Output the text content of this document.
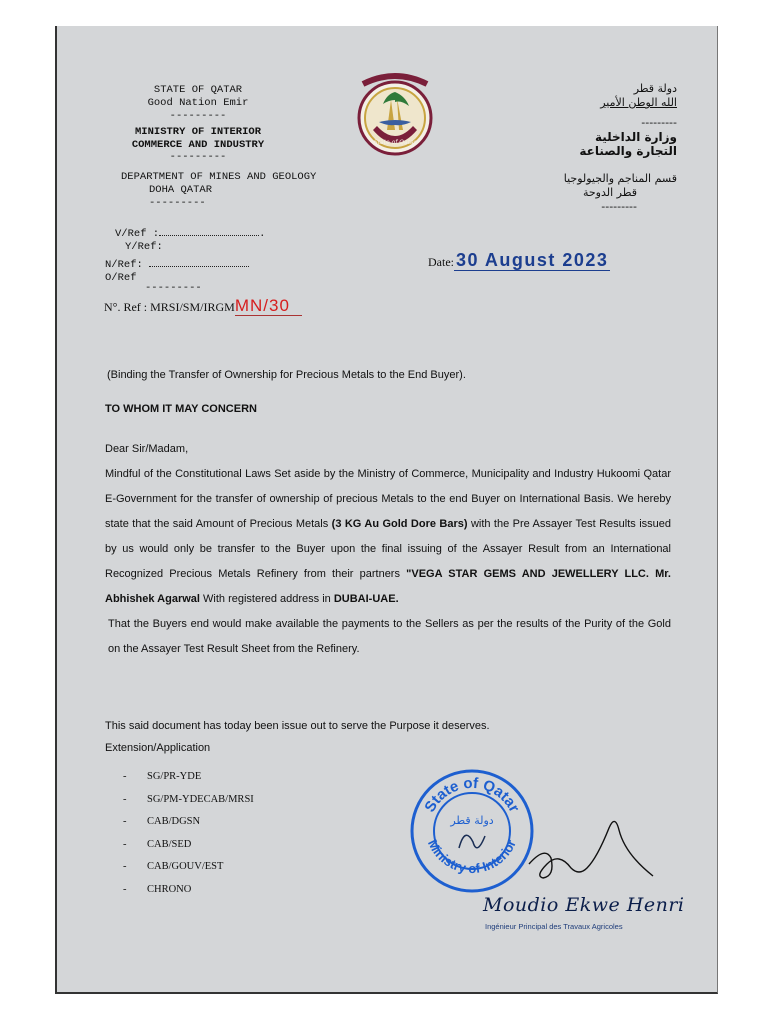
STATE OF QATAR
Good Nation Emir
---------
MINISTRY OF INTERIOR
COMMERCE AND INDUSTRY
---------
DEPARTMENT OF MINES AND GEOLOGY
DOHA QATAR
---------
State of Qatar
دولة قطر
الله الوطن الأمير
---------
وزارة الداخلية
التجارة والصناعة
قسم المناجم والجيولوجيا
قطر الدوحة
---------
V/Ref :	.
Y/Ref:
N/Ref:
O/Ref
---------
Date: 30 August 2023
N°. Ref : MRSI/SM/IRGMMN/30
(Binding the Transfer of Ownership for Precious Metals to the End Buyer).
TO WHOM IT MAY CONCERN
Dear Sir/Madam,
Mindful of the Constitutional Laws Set aside by the Ministry of Commerce, Municipality and Industry Hukoomi Qatar E-Government for the transfer of ownership of precious Metals to the end Buyer on International Basis. We hereby state that the said Amount of Precious Metals (3 KG Au Gold Dore Bars) with the Pre Assayer Test Results issued by us would only be transfer to the Buyer upon the final issuing of the Assayer Result from an International Recognized Precious Metals Refinery from their partners "VEGA STAR GEMS AND JEWELLERY LLC. Mr. Abhishek Agarwal With registered address in DUBAI-UAE.
That the Buyers end would make available the payments to the Sellers as per the results of the Purity of the Gold on the Assayer Test Result Sheet from the Refinery.
This said document has today been issue out to serve the Purpose it deserves.
Extension/Application
-	SG/PR-YDE
-	SG/PM-YDECAB/MRSI
-	CAB/DGSN
-	CAB/SED
-	CAB/GOUV/EST
-	CHRONO
State of Qatar
Ministry of Interior
دولة قطر
Moudio Ekwe Henri
Ingénieur Principal des Travaux Agricoles
